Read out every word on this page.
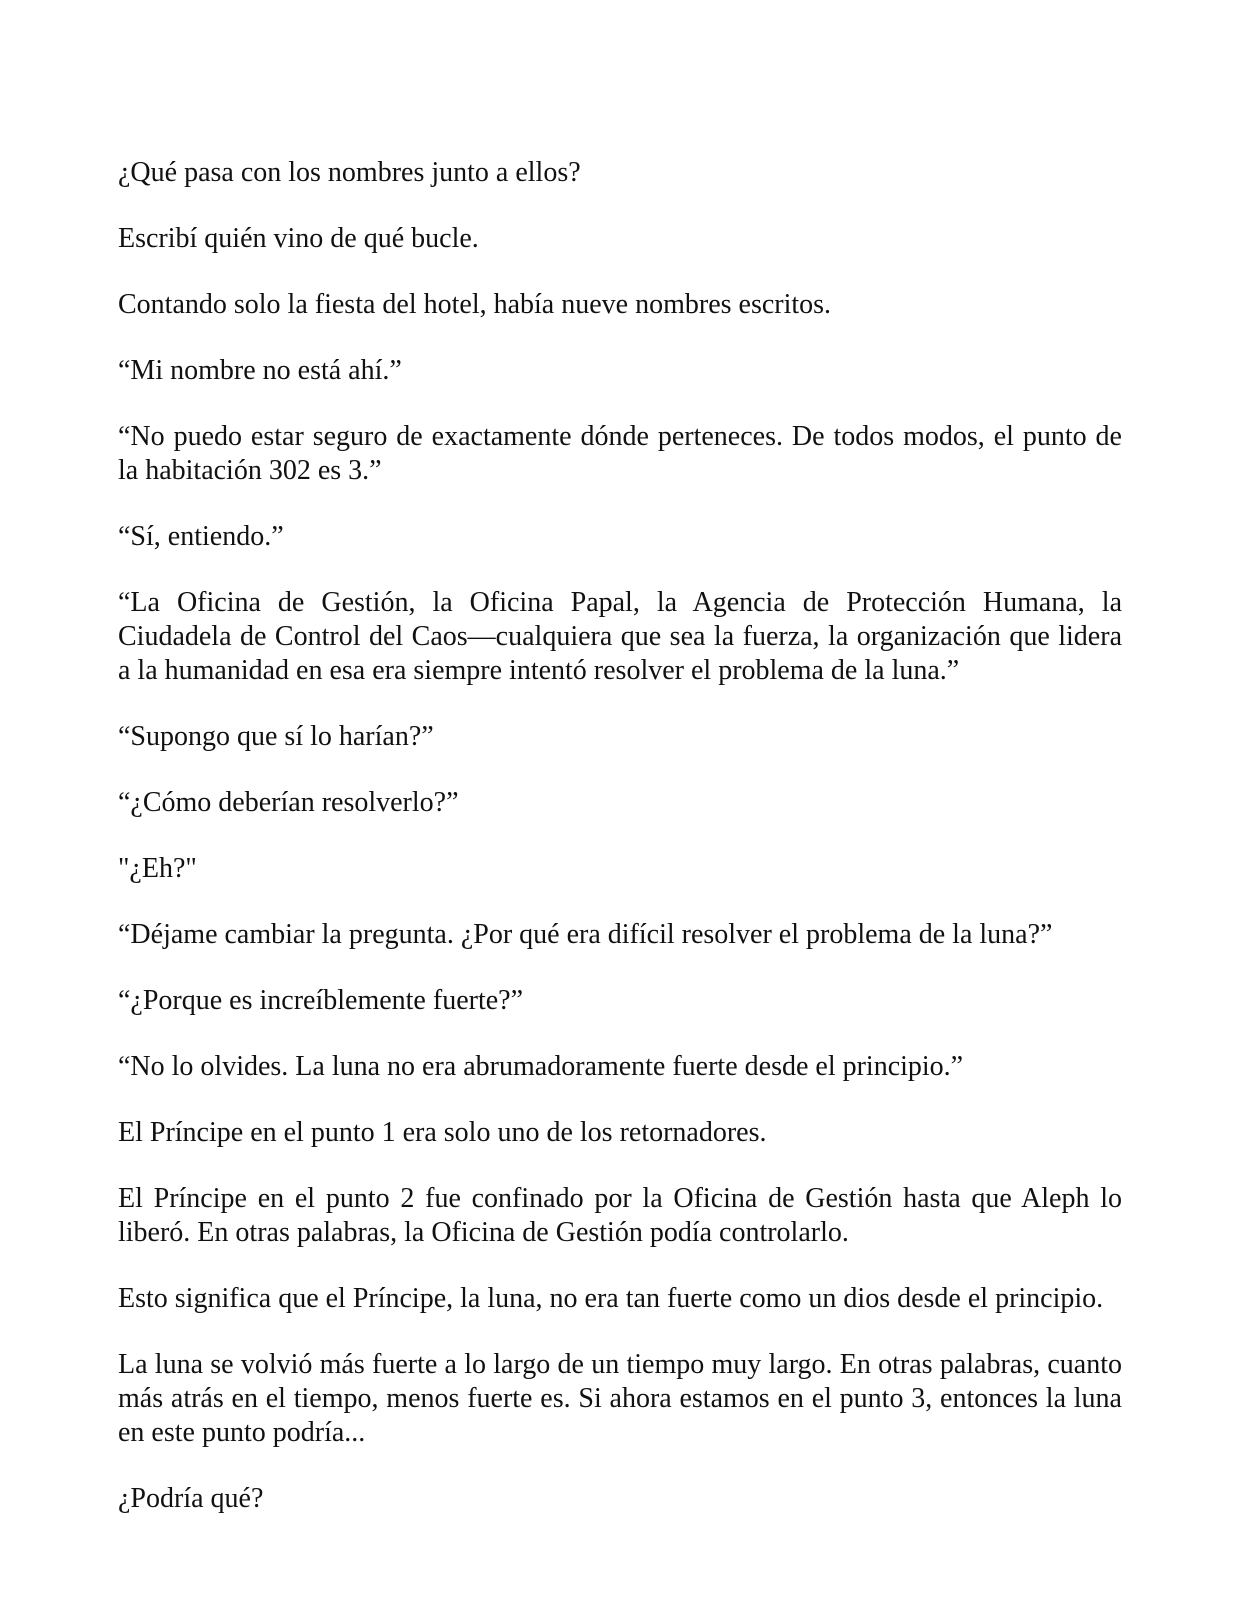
¿Qué pasa con los nombres junto a ellos?

Escribí quién vino de qué bucle.

Contando solo la fiesta del hotel, había nueve nombres escritos.

“Mi nombre no está ahí.”

“No puedo estar seguro de exactamente dónde perteneces. De todos modos, el punto de la habitación 302 es 3.”

“Sí, entiendo.”

“La Oficina de Gestión, la Oficina Papal, la Agencia de Protección Humana, la Ciudadela de Control del Caos—cualquiera que sea la fuerza, la organización que lidera a la humanidad en esa era siempre intentó resolver el problema de la luna.”

“Supongo que sí lo harían?”

“¿Cómo deberían resolverlo?”

"¿Eh?"

“Déjame cambiar la pregunta. ¿Por qué era difícil resolver el problema de la luna?”

“¿Porque es increíblemente fuerte?”

“No lo olvides. La luna no era abrumadoramente fuerte desde el principio.”

El Príncipe en el punto 1 era solo uno de los retornadores.

El Príncipe en el punto 2 fue confinado por la Oficina de Gestión hasta que Aleph lo liberó. En otras palabras, la Oficina de Gestión podía controlarlo.

Esto significa que el Príncipe, la luna, no era tan fuerte como un dios desde el principio.

La luna se volvió más fuerte a lo largo de un tiempo muy largo. En otras palabras, cuanto más atrás en el tiempo, menos fuerte es. Si ahora estamos en el punto 3, entonces la luna en este punto podría...

¿Podría qué?
